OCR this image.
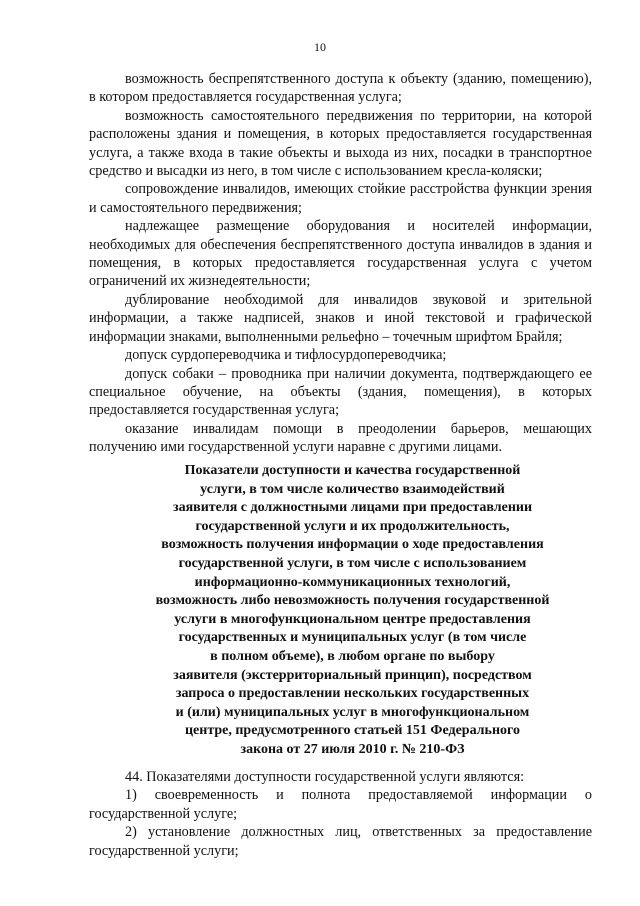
10

возможность беспрепятственного доступа к объекту (зданию, помещению), в котором предоставляется государственная услуга;

возможность самостоятельного передвижения по территории, на которой расположены здания и помещения, в которых предоставляется государственная услуга, а также входа в такие объекты и выхода из них, посадки в транспортное средство и высадки из него, в том числе с использованием кресла-коляски;

сопровождение инвалидов, имеющих стойкие расстройства функции зрения и самостоятельного передвижения;

надлежащее размещение оборудования и носителей информации, необходимых для обеспечения беспрепятственного доступа инвалидов в здания и помещения, в которых предоставляется государственная услуга с учетом ограничений их жизнедеятельности;

дублирование необходимой для инвалидов звуковой и зрительной информации, а также надписей, знаков и иной текстовой и графической информации знаками, выполненными рельефно – точечным шрифтом Брайля;

допуск сурдопереводчика и тифлосурдопереводчика;

допуск собаки – проводника при наличии документа, подтверждающего ее специальное обучение, на объекты (здания, помещения), в которых предоставляется государственная услуга;

оказание инвалидам помощи в преодолении барьеров, мешающих получению ими государственной услуги наравне с другими лицами.

Показатели доступности и качества государственной
услуги, в том числе количество взаимодействий
заявителя с должностными лицами при предоставлении
государственной услуги и их продолжительность,
возможность получения информации о ходе предоставления
государственной услуги, в том числе с использованием
информационно-коммуникационных технологий,
возможность либо невозможность получения государственной
услуги в многофункциональном центре предоставления
государственных и муниципальных услуг (в том числе
в полном объеме), в любом органе по выбору
заявителя (экстерриториальный принцип), посредством
запроса о предоставлении нескольких государственных
и (или) муниципальных услуг в многофункциональном
центре, предусмотренного статьей 151 Федерального
закона от 27 июля 2010 г. № 210-ФЗ

44. Показателями доступности государственной услуги являются:

1) своевременность и полнота предоставляемой информации о государственной услуге;

2) установление должностных лиц, ответственных за предоставление государственной услуги;
